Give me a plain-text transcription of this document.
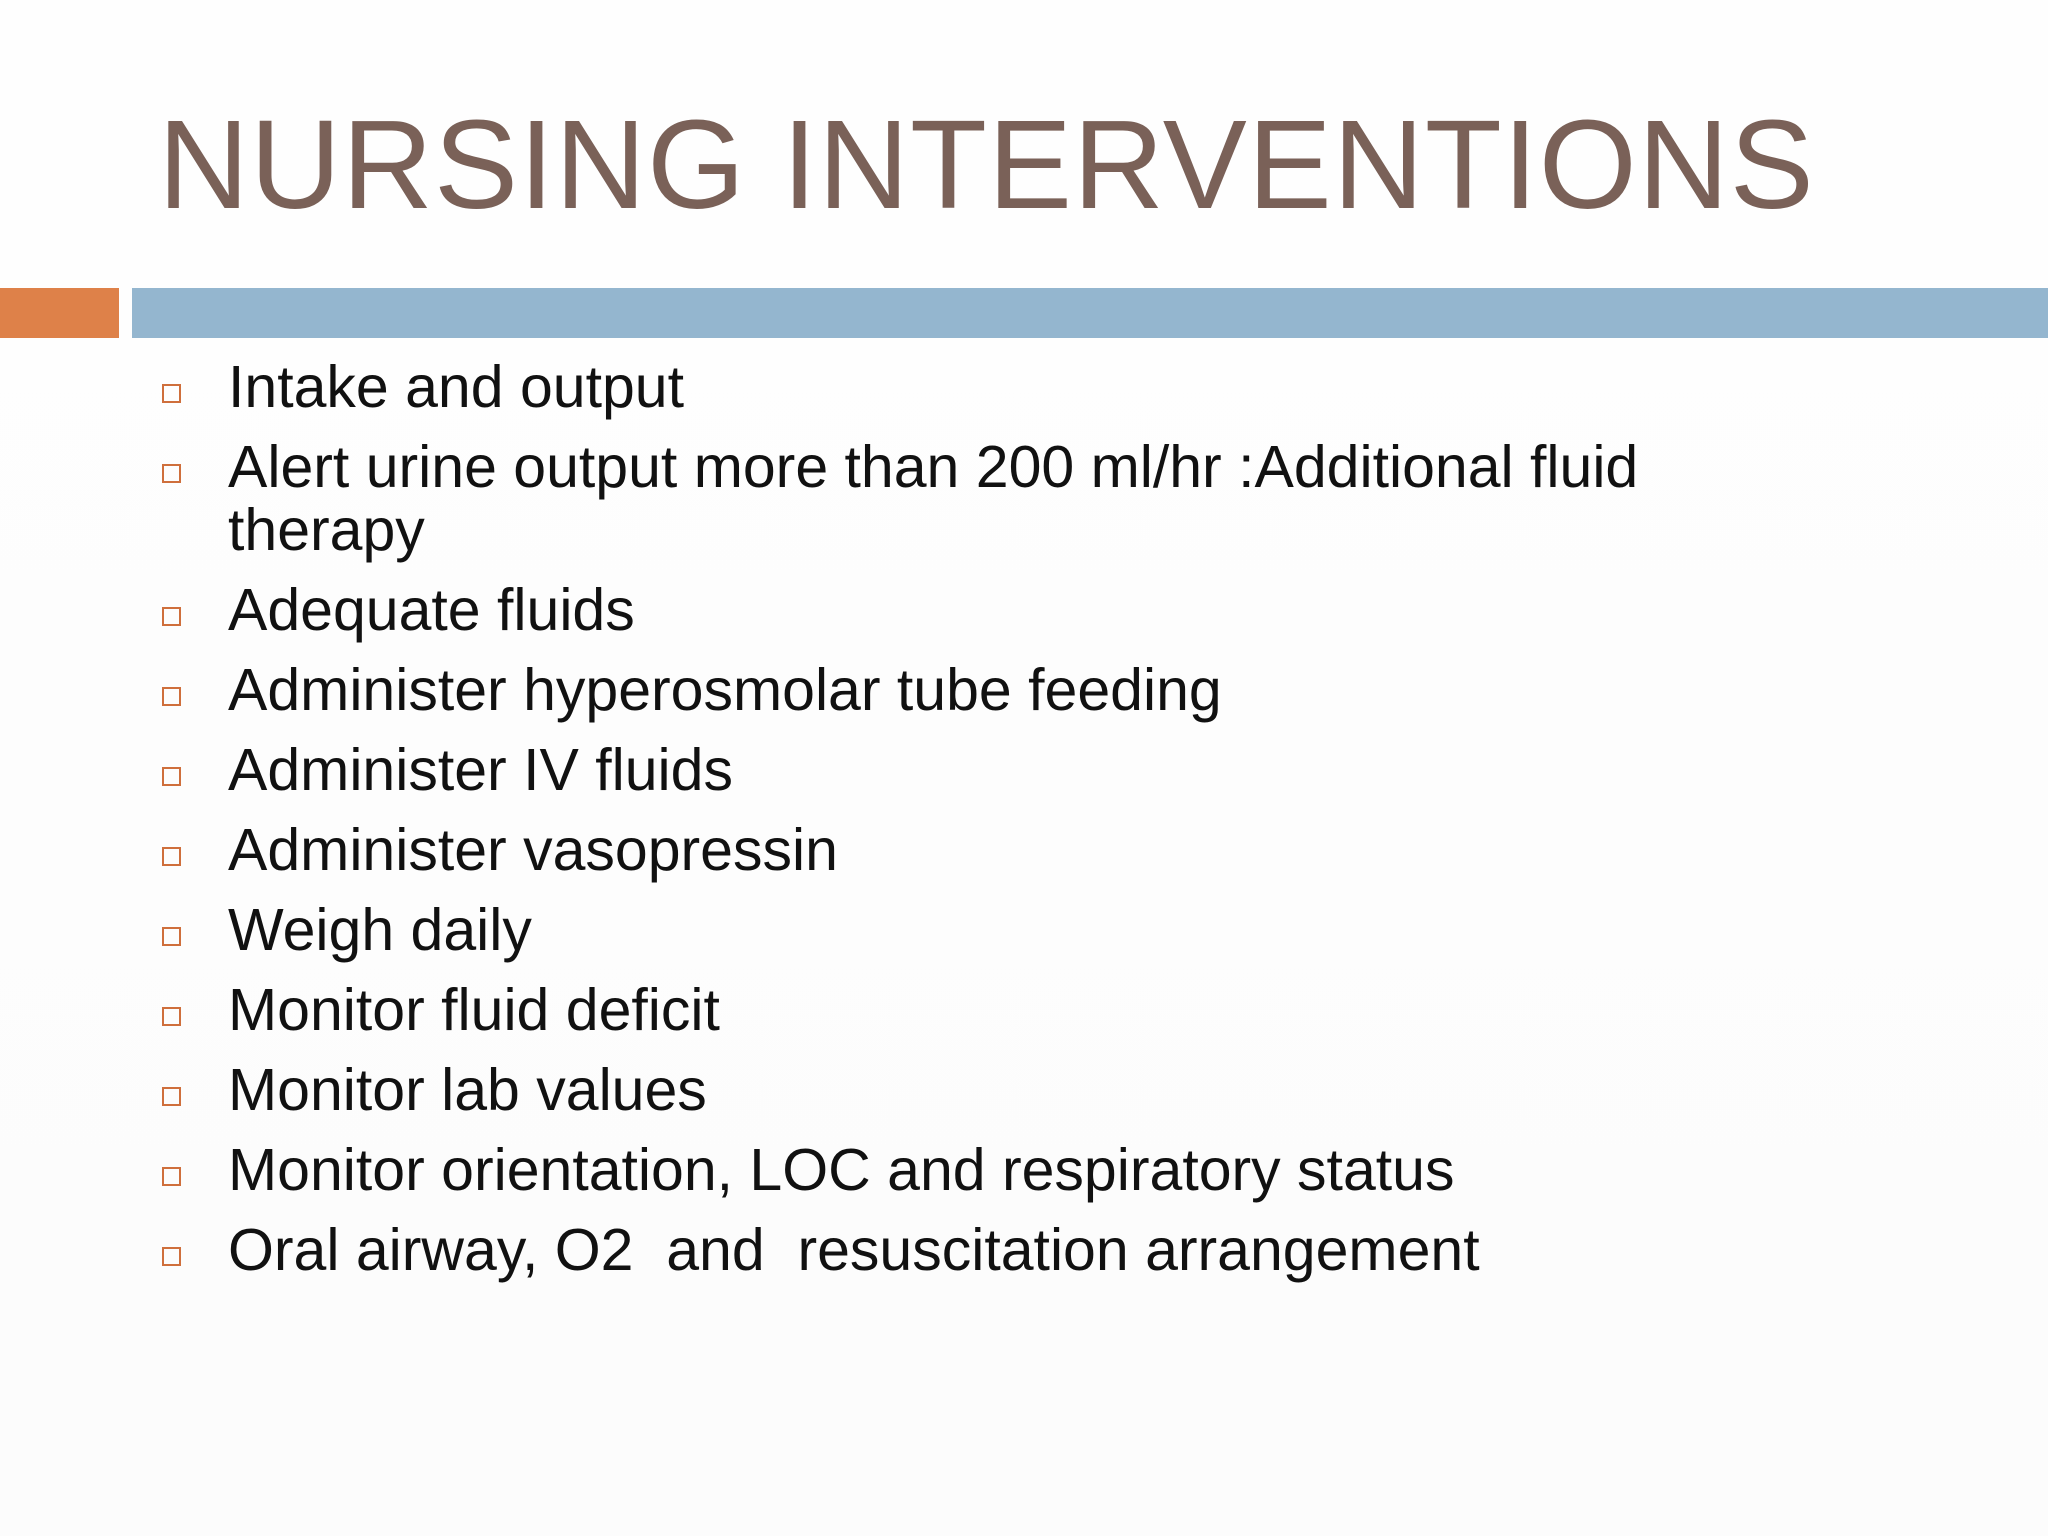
NURSING INTERVENTIONS
Intake and output
Alert urine output more than 200 ml/hr :Additional fluid therapy
Adequate fluids
Administer hyperosmolar tube feeding
Administer IV fluids
Administer vasopressin
Weigh daily
Monitor fluid deficit
Monitor lab values
Monitor orientation, LOC and respiratory status
Oral airway, O2  and  resuscitation arrangement
